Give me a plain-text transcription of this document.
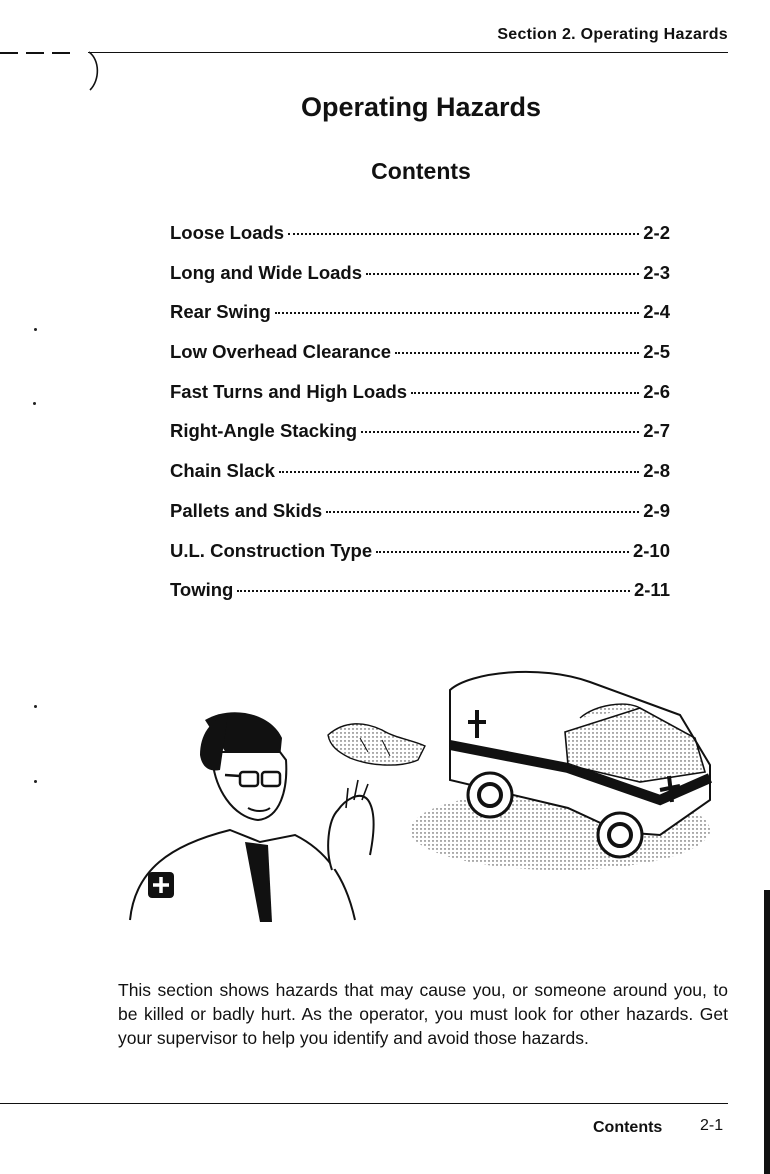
Section 2. Operating Hazards
Operating Hazards
Contents
Loose Loads	2-2
Long and Wide Loads	2-3
Rear Swing	2-4
Low Overhead Clearance	2-5
Fast Turns and High Loads	2-6
Right-Angle Stacking	2-7
Chain Slack	2-8
Pallets and Skids	2-9
U.L. Construction Type	2-10
Towing	2-11

This section shows hazards that may cause you, or someone around you, to be killed or badly hurt. As the operator, you must look for other hazards. Get your supervisor to help you identify and avoid those hazards.

Contents 2-1
